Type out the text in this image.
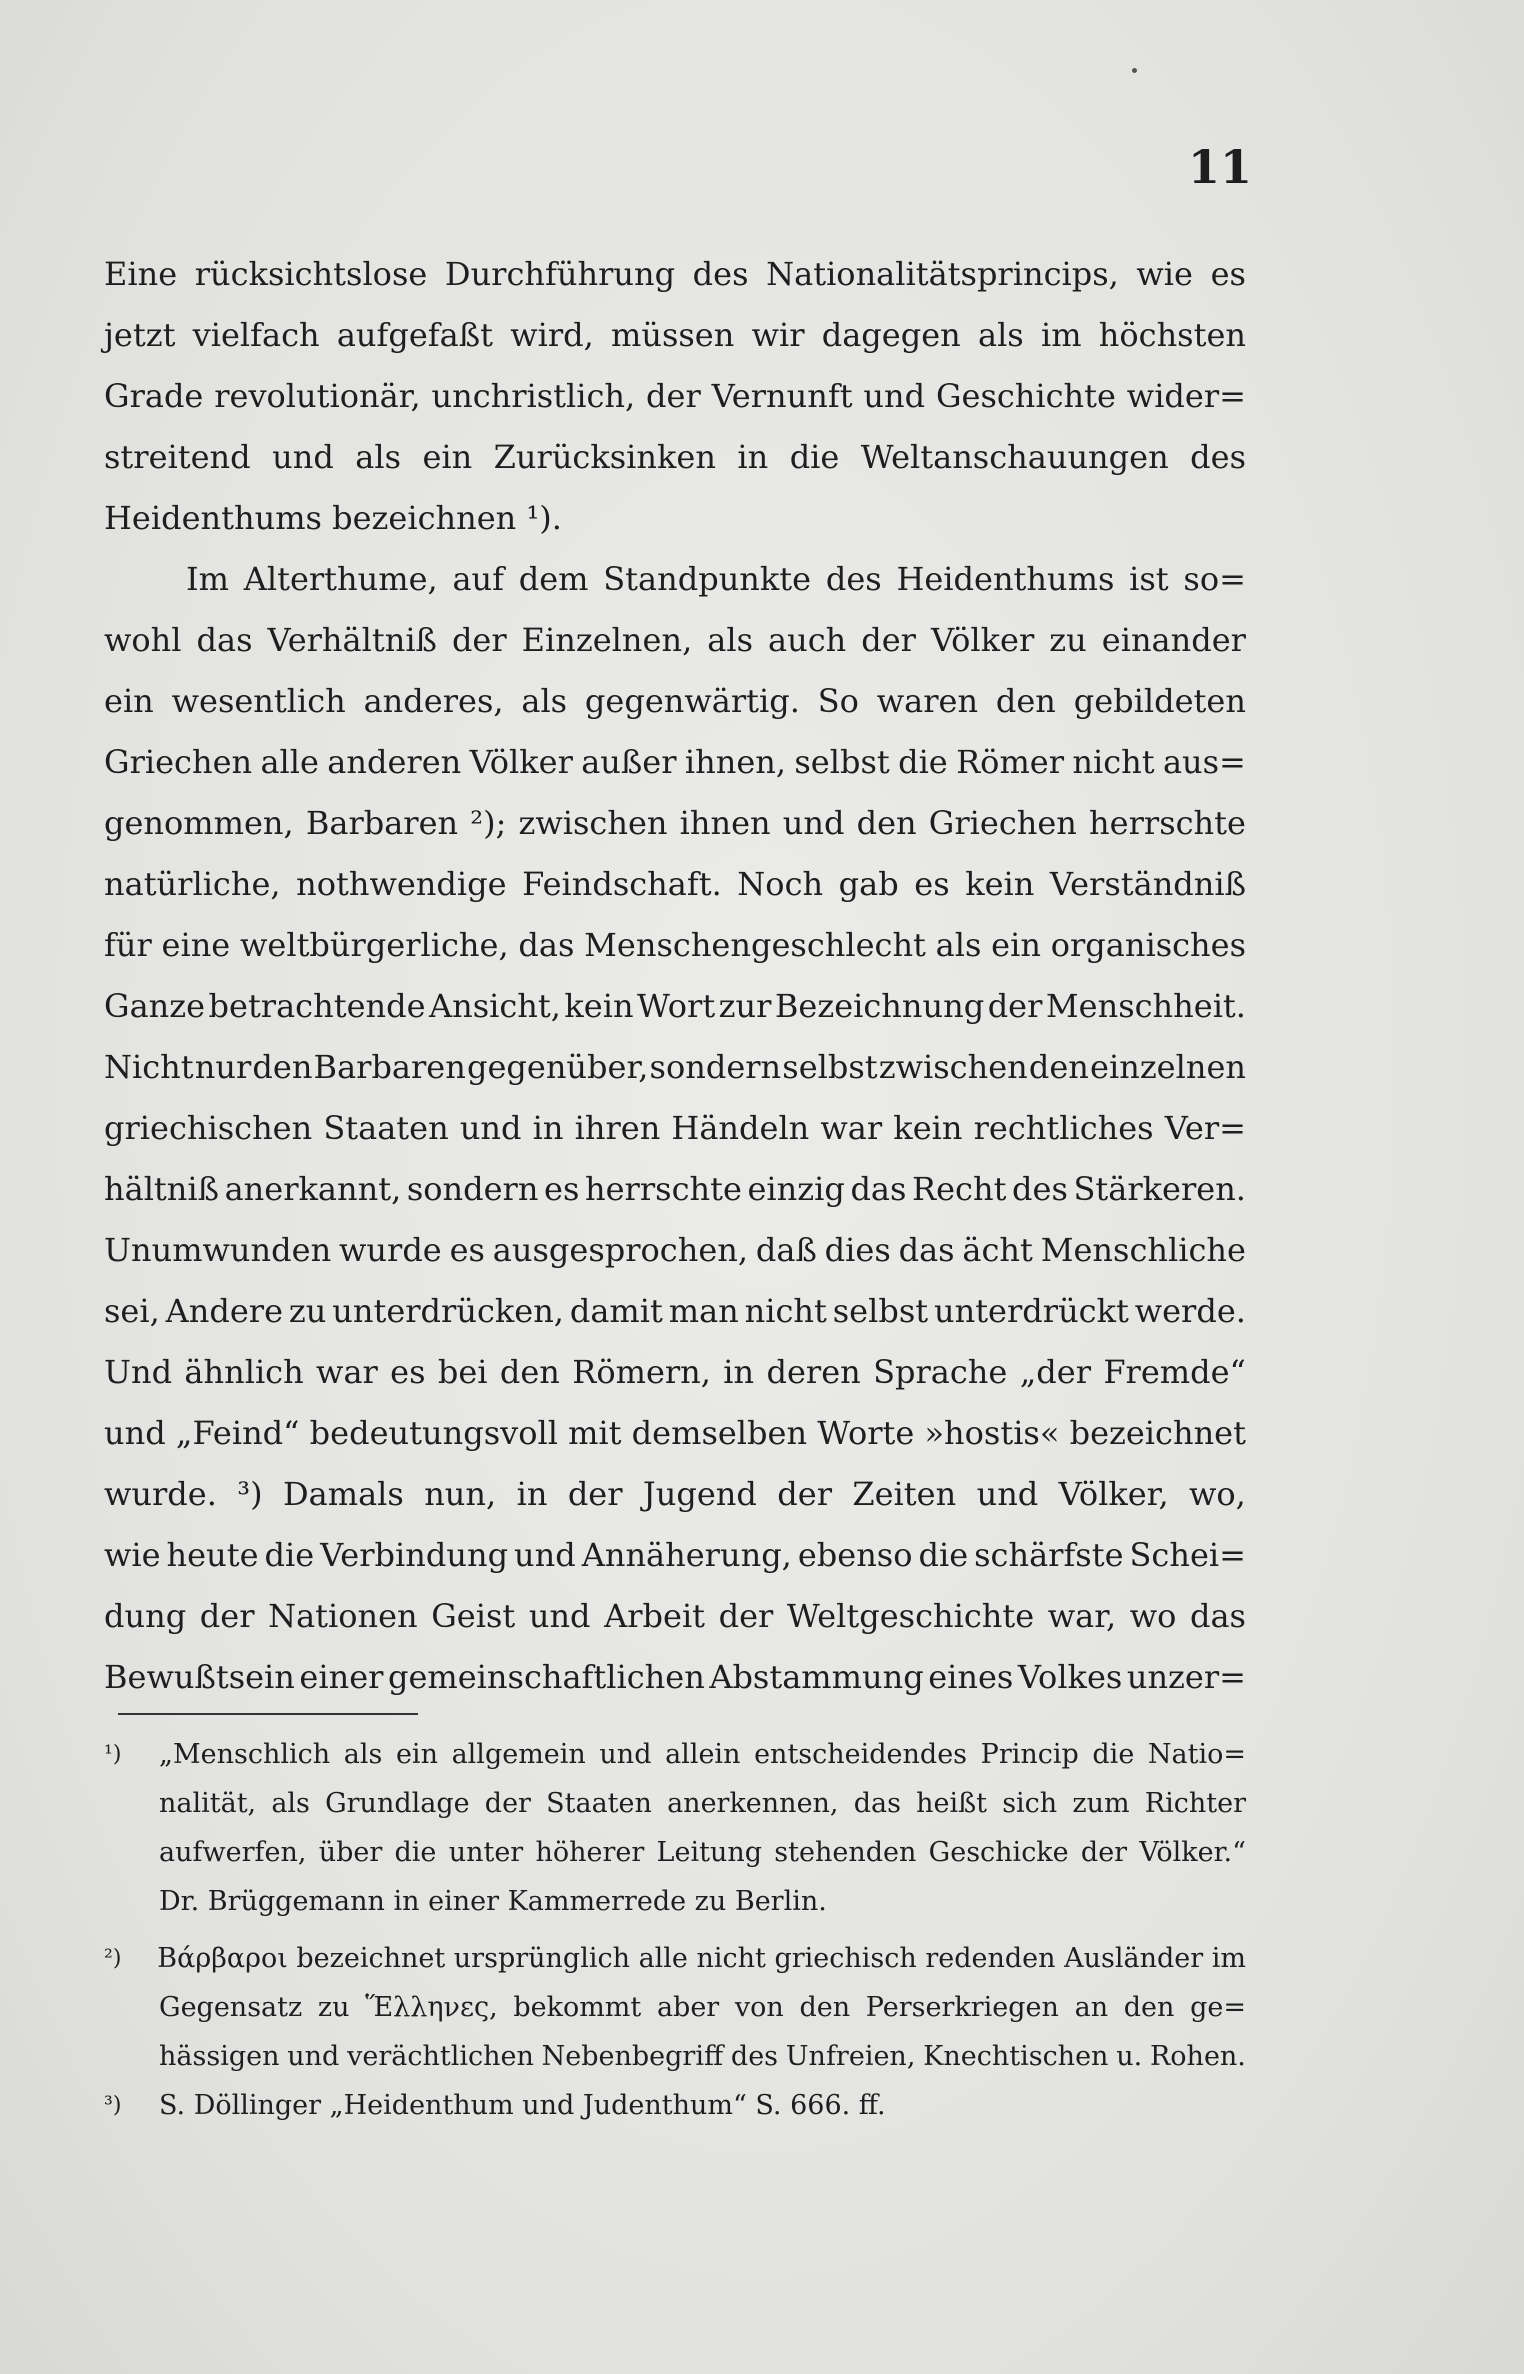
11
Eine rücksichtslose Durchführung des Nationalitätsprincips, wie es
jetzt vielfach aufgefaßt wird, müssen wir dagegen als im höchsten
Grade revolutionär, unchristlich, der Vernunft und Geschichte wider=
streitend und als ein Zurücksinken in die Weltanschauungen des
Heidenthums bezeichnen ¹).
Im Alterthume, auf dem Standpunkte des Heidenthums ist so=
wohl das Verhältniß der Einzelnen, als auch der Völker zu einander
ein wesentlich anderes, als gegenwärtig. So waren den gebildeten
Griechen alle anderen Völker außer ihnen, selbst die Römer nicht aus=
genommen, Barbaren ²); zwischen ihnen und den Griechen herrschte
natürliche, nothwendige Feindschaft. Noch gab es kein Verständniß
für eine weltbürgerliche, das Menschengeschlecht als ein organisches
Ganze betrachtende Ansicht, kein Wort zur Bezeichnung der Menschheit.
Nicht nur den Barbaren gegenüber, sondern selbst zwischen den einzelnen
griechischen Staaten und in ihren Händeln war kein rechtliches Ver=
hältniß anerkannt, sondern es herrschte einzig das Recht des Stärkeren.
Unumwunden wurde es ausgesprochen, daß dies das ächt Menschliche
sei, Andere zu unterdrücken, damit man nicht selbst unterdrückt werde.
Und ähnlich war es bei den Römern, in deren Sprache „der Fremde“
und „Feind“ bedeutungsvoll mit demselben Worte »hostis« bezeichnet
wurde. ³) Damals nun, in der Jugend der Zeiten und Völker, wo,
wie heute die Verbindung und Annäherung, ebenso die schärfste Schei=
dung der Nationen Geist und Arbeit der Weltgeschichte war, wo das
Bewußtsein einer gemeinschaftlichen Abstammung eines Volkes unzer=
¹)	„Menschlich als ein allgemein und allein entscheidendes Princip die Natio=
nalität, als Grundlage der Staaten anerkennen, das heißt sich zum Richter
aufwerfen, über die unter höherer Leitung stehenden Geschicke der Völker.“
Dr. Brüggemann in einer Kammerrede zu Berlin.
²)	Βάρβαροι bezeichnet ursprünglich alle nicht griechisch redenden Ausländer im
Gegensatz zu Ἕλληνες, bekommt aber von den Perserkriegen an den ge=
hässigen und verächtlichen Nebenbegriff des Unfreien, Knechtischen u. Rohen.
³)	S. Döllinger „Heidenthum und Judenthum“ S. 666. ff.
